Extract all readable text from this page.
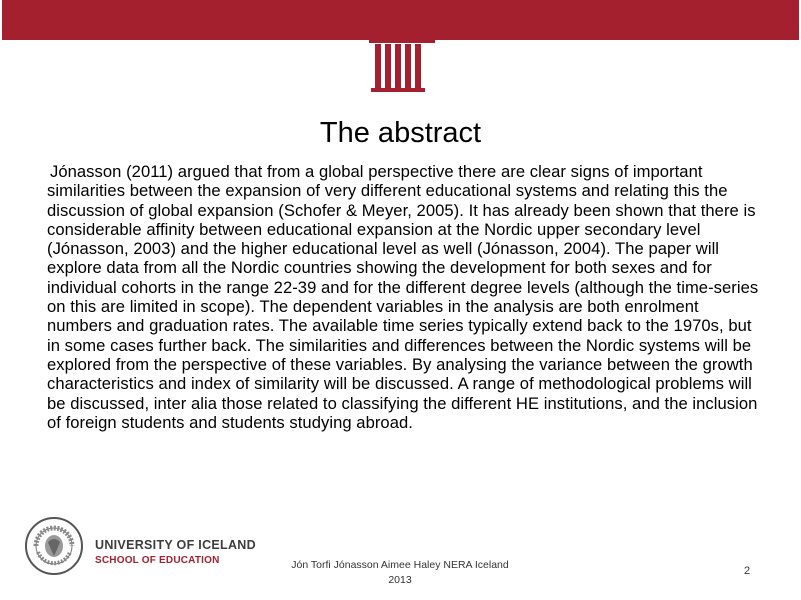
The abstract

Jónasson (2011) argued that from a global perspective there are clear signs of important similarities between the expansion of very different educational systems and relating this the discussion of global expansion (Schofer & Meyer, 2005). It has already been shown that there is considerable affinity between educational expansion at the Nordic upper secondary level (Jónasson, 2003) and the higher educational level as well (Jónasson, 2004). The paper will explore data from all the Nordic countries showing the development for both sexes and for individual cohorts in the range 22-39 and for the different degree levels (although the time-series on this are limited in scope). The dependent variables in the analysis are both enrolment numbers and graduation rates. The available time series typically extend back to the 1970s, but in some cases further back. The similarities and differences between the Nordic systems will be explored from the perspective of these variables. By analysing the variance between the growth characteristics and index of similarity will be discussed. A range of methodological problems will be discussed, inter alia those related to classifying the different HE institutions, and the inclusion of foreign students and students studying abroad.

UNIVERSITY OF ICELAND
SCHOOL OF EDUCATION	Jón Torfi Jónasson Aimee Haley NERA Iceland 2013
2
